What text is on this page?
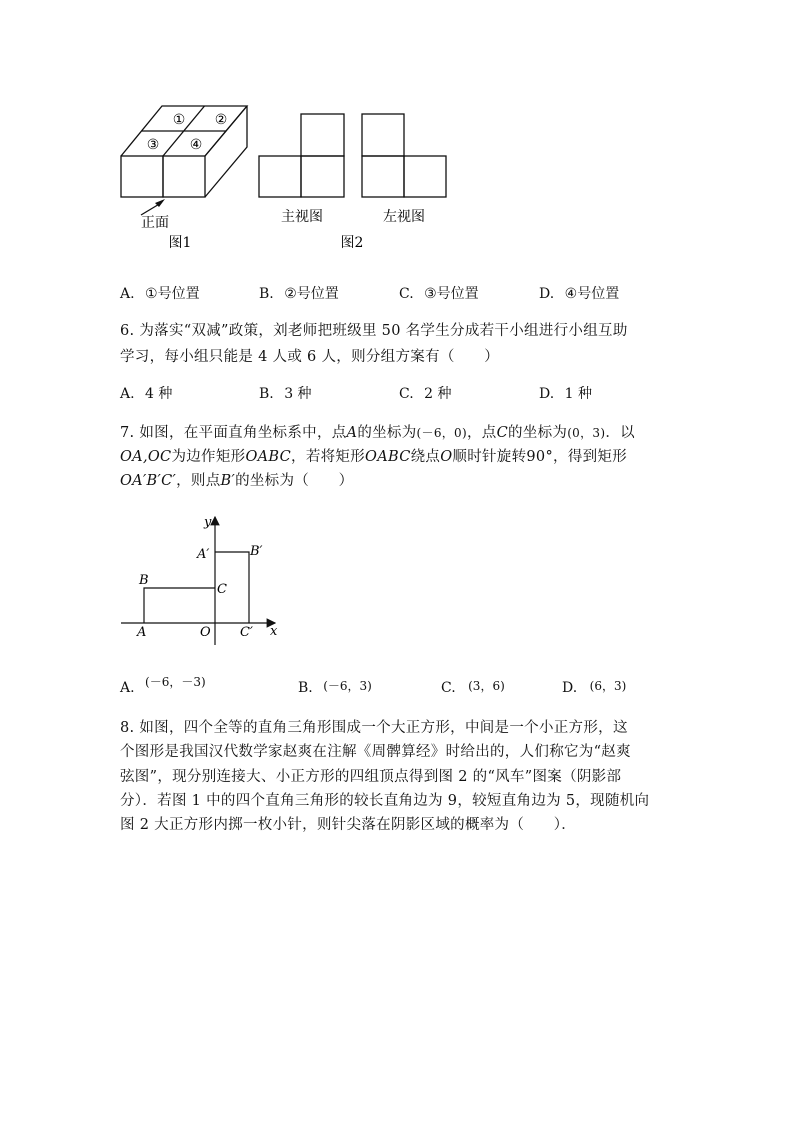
① ②
③ ④
正面
图1
主视图	左视图
图2
A. ①号位置	B. ②号位置	C. ③号位置	D. ④号位置
6. 为落实“双减”政策，刘老师把班级里 50 名学生分成若干小组进行小组互助
学习，每小组只能是 4 人或 6 人，则分组方案有（　　）
A. 4 种	B. 3 种	C. 2 种	D. 1 种
7. 如图，在平面直角坐标系中，点A的坐标为(－6，0)，点C的坐标为(0，3)．以
OA,OC为边作矩形OABC，若将矩形OABC绕点O顺时针旋转90°，得到矩形
OA′B′C′，则点B′的坐标为（　　）
y
x
O
A
B
C
A′	B′
C′
A. (－6，－3)	B. (－6，3)	C. (3，6)	D. (6，3)
8. 如图，四个全等的直角三角形围成一个大正方形，中间是一个小正方形，这
个图形是我国汉代数学家赵爽在注解《周髀算经》时给出的，人们称它为“赵爽
弦图”，现分别连接大、小正方形的四组顶点得到图 2 的“风车”图案（阴影部
分）．若图 1 中的四个直角三角形的较长直角边为 9，较短直角边为 5，现随机向
图 2 大正方形内掷一枚小针，则针尖落在阴影区域的概率为（　　）．
